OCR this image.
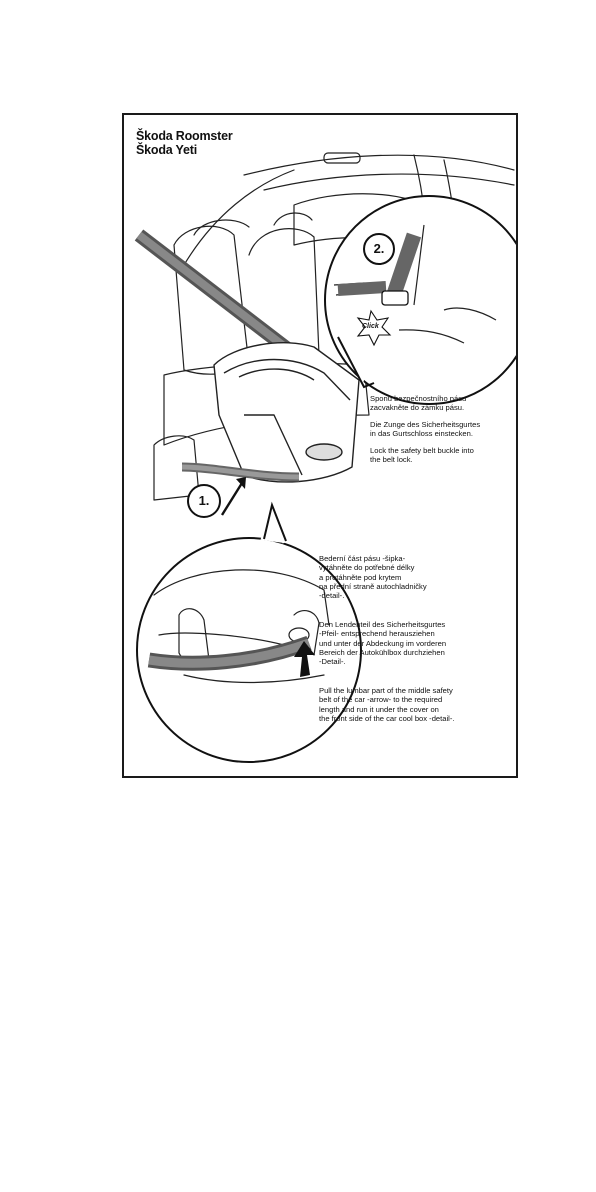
Škoda Roomster
Škoda Yeti
2.
1.
Click
Sponu bezpečnostního pásu
zacvakněte do zámku pásu.
Die Zunge des Sicherheitsgurtes
in das Gurtschloss einstecken.
Lock the safety belt buckle into
the belt lock.
Bederní část pásu -šipka-
vytáhněte do potřebné délky
a protáhněte pod krytem
na přední straně autochladničky
-detail-.
Den Lendenteil des Sicherheitsgurtes
-Pfeil- entsprechend herausziehen
und unter der Abdeckung im vorderen
Bereich der Autokühlbox durchziehen
-Detail-.
Pull the lumbar part of the middle safety
belt of the car -arrow- to the required
length and run it under the cover on
the front side of the car cool box -detail-.
